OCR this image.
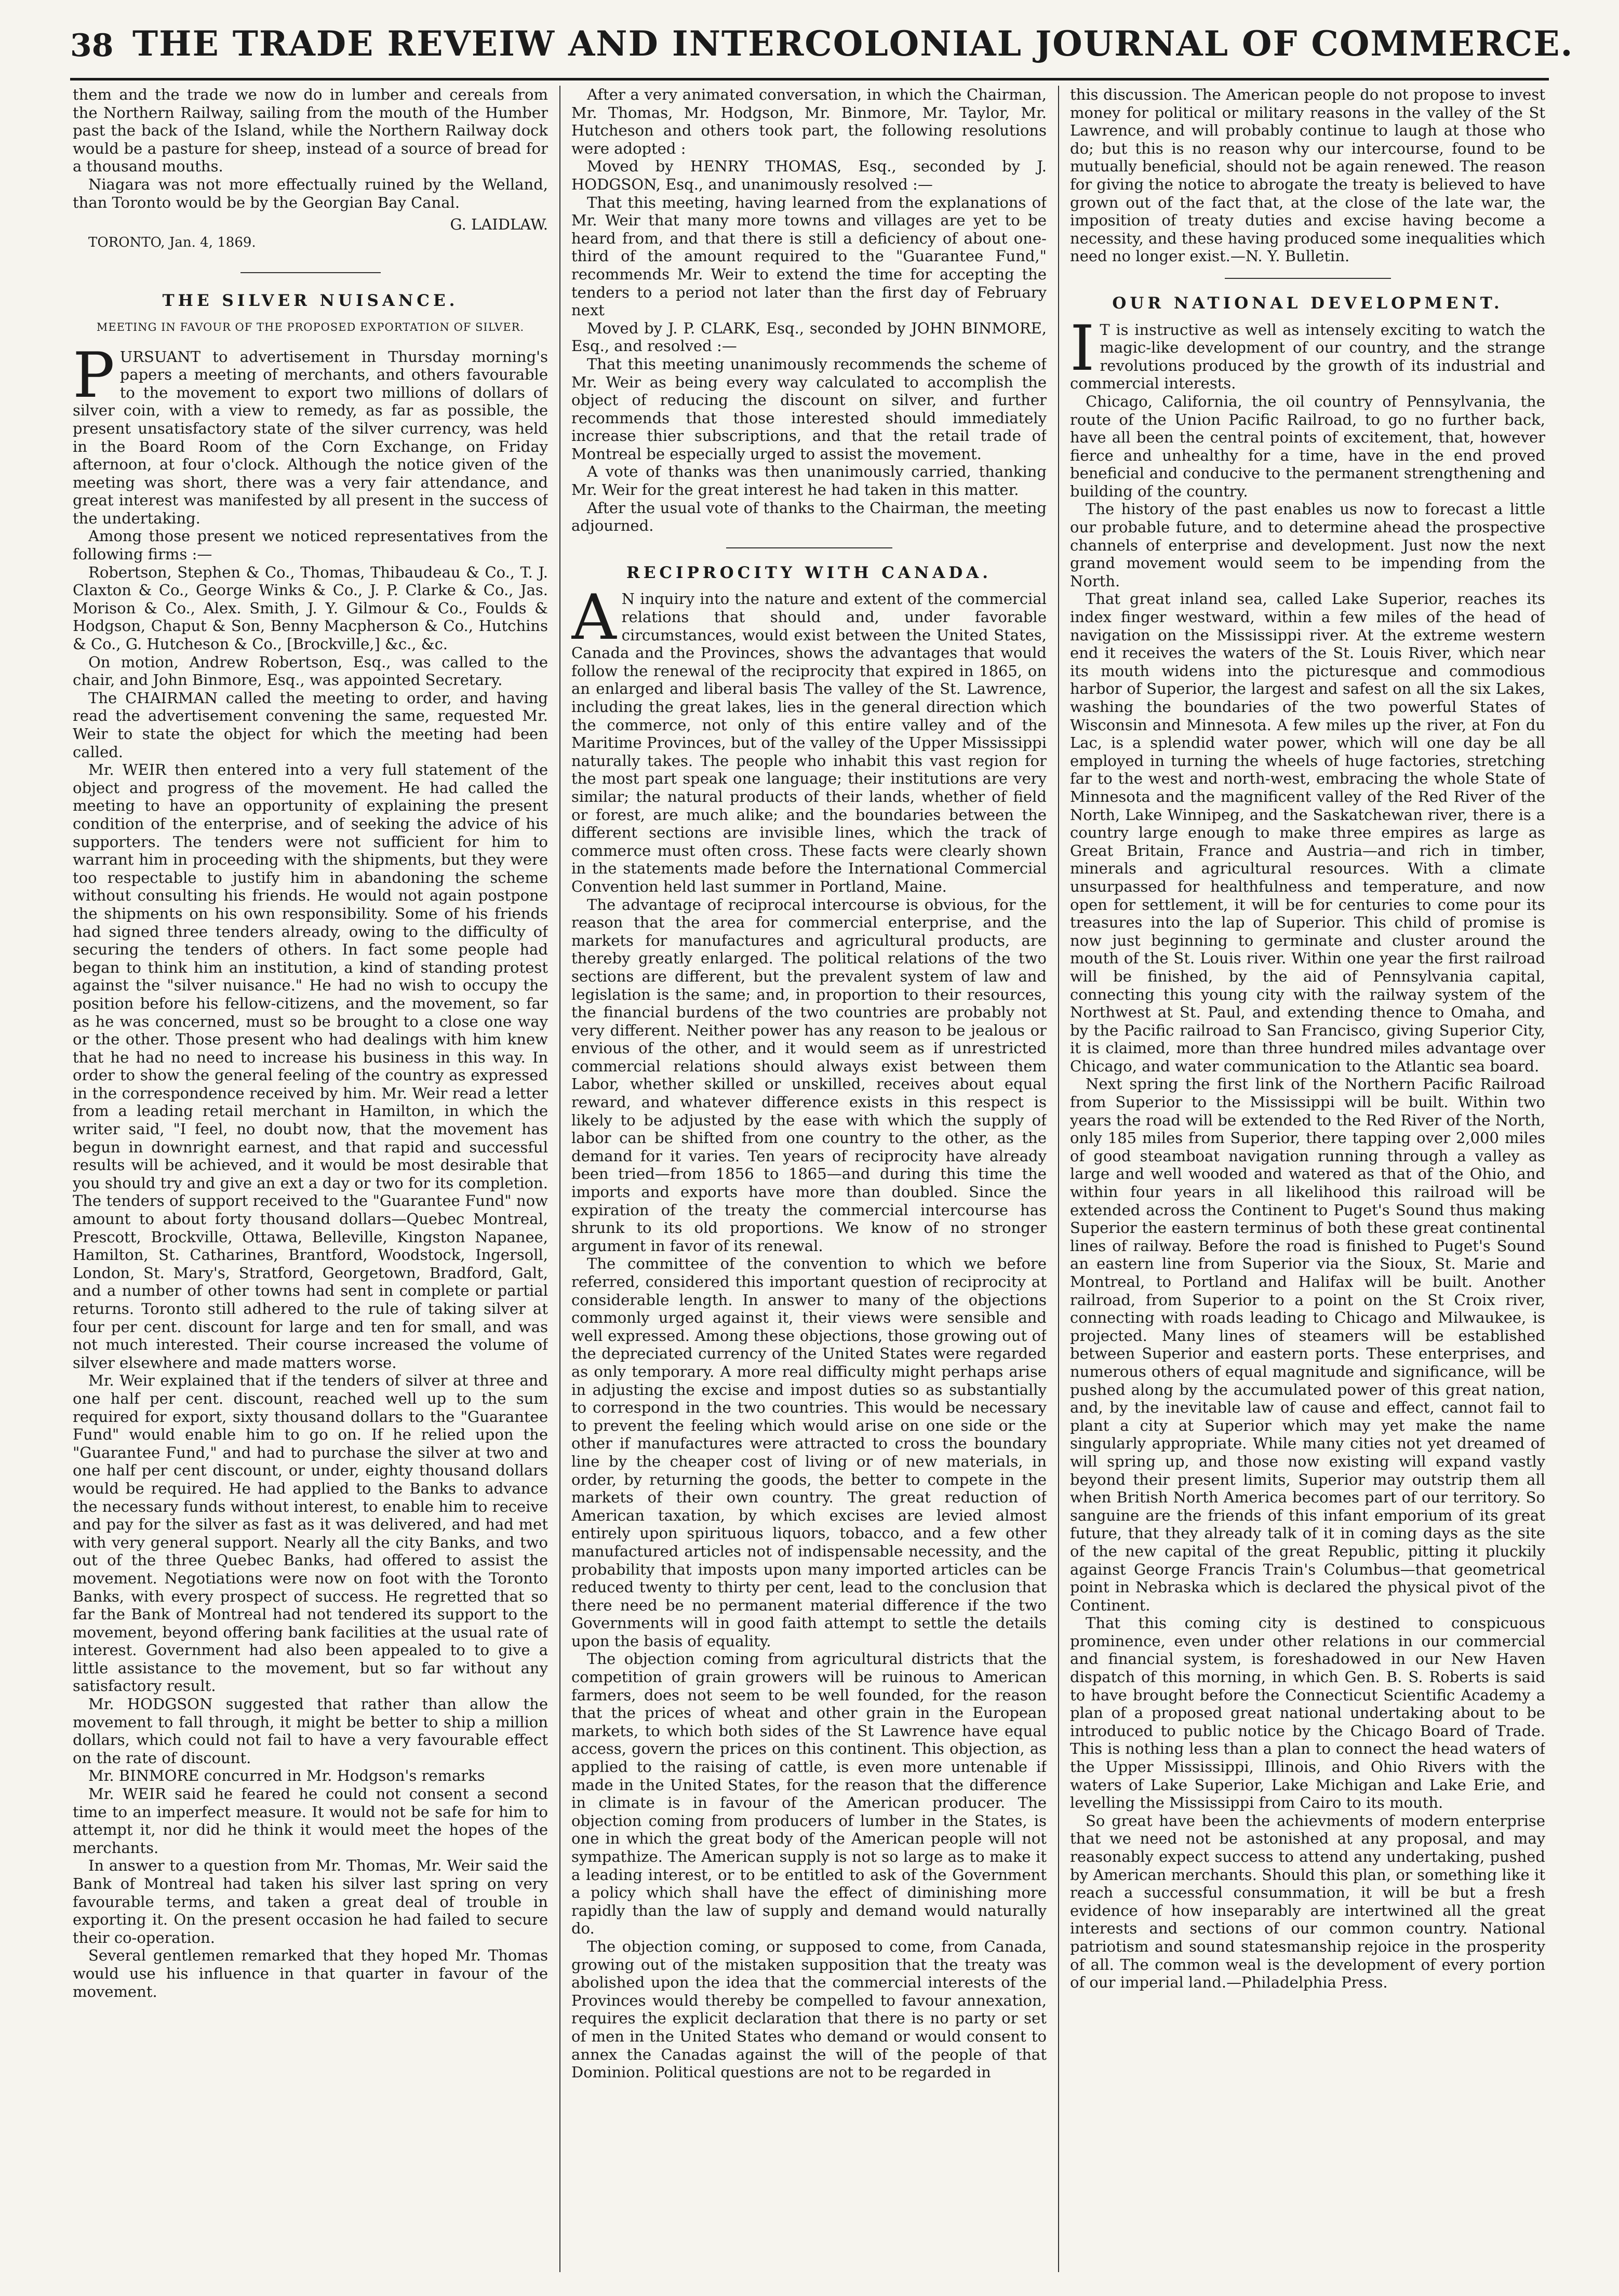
38 THE TRADE REVEIW AND INTERCOLONIAL JOURNAL OF COMMERCE.

them and the trade we now do in lumber and cereals from the Northern Railway, sailing from the mouth of the Humber past the back of the Island, while the Northern Railway dock would be a pasture for sheep, instead of a source of bread for a thousand mouths.

Niagara was not more effectually ruined by the Welland, than Toronto would be by the Georgian Bay Canal.

G. LAIDLAW.

TORONTO, Jan. 4, 1869.

THE SILVER NUISANCE.
MEETING IN FAVOUR OF THE PROPOSED EXPORTATION OF SILVER.

PURSUANT to advertisement in Thursday morning's papers a meeting of merchants, and others favourable to the movement to export two millions of dollars of silver coin, with a view to remedy, as far as possible, the present unsatisfactory state of the silver currency, was held in the Board Room of the Corn Exchange, on Friday afternoon, at four o'clock. Although the notice given of the meeting was short, there was a very fair attendance, and great interest was manifested by all present in the success of the undertaking.

Among those present we noticed representatives from the following firms :—

Robertson, Stephen & Co., Thomas, Thibaudeau & Co., T. J. Claxton & Co., George Winks & Co., J. P. Clarke & Co., Jas. Morison & Co., Alex. Smith, J. Y. Gilmour & Co., Foulds & Hodgson, Chaput & Son, Benny Macpherson & Co., Hutchins & Co., G. Hutcheson & Co., [Brockville,] &c., &c.

On motion, Andrew Robertson, Esq., was called to the chair, and John Binmore, Esq., was appointed Secretary.

The CHAIRMAN called the meeting to order, and having read the advertisement convening the same, requested Mr. Weir to state the object for which the meeting had been called.

Mr. WEIR then entered into a very full statement of the object and progress of the movement. He had called the meeting to have an opportunity of explaining the present condition of the enterprise, and of seeking the advice of his supporters. The tenders were not sufficient for him to warrant him in proceeding with the shipments, but they were too respectable to justify him in abandoning the scheme without consulting his friends. He would not again postpone the shipments on his own responsibility. Some of his friends had signed three tenders already, owing to the difficulty of securing the tenders of others. In fact some people had began to think him an institution, a kind of standing protest against the "silver nuisance." He had no wish to occupy the position before his fellow-citizens, and the movement, so far as he was concerned, must so be brought to a close one way or the other. Those present who had dealings with him knew that he had no need to increase his business in this way. In order to show the general feeling of the country as expressed in the correspondence received by him. Mr. Weir read a letter from a leading retail merchant in Hamilton, in which the writer said, "I feel, no doubt now, that the movement has begun in downright earnest, and that rapid and successful results will be achieved, and it would be most desirable that you should try and give an ext a day or two for its completion. The tenders of support received to the "Guarantee Fund" now amount to about forty thousand dollars—Quebec Montreal, Prescott, Brockville, Ottawa, Belleville, Kingston Napanee, Hamilton, St. Catharines, Brantford, Woodstock, Ingersoll, London, St. Mary's, Stratford, Georgetown, Bradford, Galt, and a number of other towns had sent in complete or partial returns. Toronto still adhered to the rule of taking silver at four per cent. discount for large and ten for small, and was not much interested. Their course increased the volume of silver elsewhere and made matters worse.

Mr. Weir explained that if the tenders of silver at three and one half per cent. discount, reached well up to the sum required for export, sixty thousand dollars to the "Guarantee Fund" would enable him to go on. If he relied upon the "Guarantee Fund," and had to purchase the silver at two and one half per cent discount, or under, eighty thousand dollars would be required. He had applied to the Banks to advance the necessary funds without interest, to enable him to receive and pay for the silver as fast as it was delivered, and had met with very general support. Nearly all the city Banks, and two out of the three Quebec Banks, had offered to assist the movement. Negotiations were now on foot with the Toronto Banks, with every prospect of success. He regretted that so far the Bank of Montreal had not tendered its support to the movement, beyond offering bank facilities at the usual rate of interest. Government had also been appealed to to give a little assistance to the movement, but so far without any satisfactory result.

Mr. HODGSON suggested that rather than allow the movement to fall through, it might be better to ship a million dollars, which could not fail to have a very favourable effect on the rate of discount.

Mr. BINMORE concurred in Mr. Hodgson's remarks

Mr. WEIR said he feared he could not consent a second time to an imperfect measure. It would not be safe for him to attempt it, nor did he think it would meet the hopes of the merchants.

In answer to a question from Mr. Thomas, Mr. Weir said the Bank of Montreal had taken his silver last spring on very favourable terms, and taken a great deal of trouble in exporting it. On the present occasion he had failed to secure their co-operation.

Several gentlemen remarked that they hoped Mr. Thomas would use his influence in that quarter in favour of the movement.

After a very animated conversation, in which the Chairman, Mr. Thomas, Mr. Hodgson, Mr. Binmore, Mr. Taylor, Mr. Hutcheson and others took part, the following resolutions were adopted :

Moved by HENRY THOMAS, Esq., seconded by J. HODGSON, Esq., and unanimously resolved :—

That this meeting, having learned from the explanations of Mr. Weir that many more towns and villages are yet to be heard from, and that there is still a deficiency of about one-third of the amount required to the "Guarantee Fund," recommends Mr. Weir to extend the time for accepting the tenders to a period not later than the first day of February next

Moved by J. P. CLARK, Esq., seconded by JOHN BINMORE, Esq., and resolved :—

That this meeting unanimously recommends the scheme of Mr. Weir as being every way calculated to accomplish the object of reducing the discount on silver, and further recommends that those interested should immediately increase thier subscriptions, and that the retail trade of Montreal be especially urged to assist the movement.

A vote of thanks was then unanimously carried, thanking Mr. Weir for the great interest he had taken in this matter.

After the usual vote of thanks to the Chairman, the meeting adjourned.

RECIPROCITY WITH CANADA.

A N inquiry into the nature and extent of the commercial relations that should and, under favorable circumstances, would exist between the United States, Canada and the Provinces, shows the advantages that would follow the renewal of the reciprocity that expired in 1865, on an enlarged and liberal basis The valley of the St. Lawrence, including the great lakes, lies in the general direction which the commerce, not only of this entire valley and of the Maritime Provinces, but of the valley of the Upper Mississippi naturally takes. The people who inhabit this vast region for the most part speak one language; their institutions are very similar; the natural products of their lands, whether of field or forest, are much alike; and the boundaries between the different sections are invisible lines, which the track of commerce must often cross. These facts were clearly shown in the statements made before the International Commercial Convention held last summer in Portland, Maine.

The advantage of reciprocal intercourse is obvious, for the reason that the area for commercial enterprise, and the markets for manufactures and agricultural products, are thereby greatly enlarged. The political relations of the two sections are different, but the prevalent system of law and legislation is the same; and, in proportion to their resources, the financial burdens of the two countries are probably not very different. Neither power has any reason to be jealous or envious of the other, and it would seem as if unrestricted commercial relations should always exist between them Labor, whether skilled or unskilled, receives about equal reward, and whatever difference exists in this respect is likely to be adjusted by the ease with which the supply of labor can be shifted from one country to the other, as the demand for it varies. Ten years of reciprocity have already been tried—from 1856 to 1865—and during this time the imports and exports have more than doubled. Since the expiration of the treaty the commercial intercourse has shrunk to its old proportions. We know of no stronger argument in favor of its renewal.

The committee of the convention to which we before referred, considered this important question of reciprocity at considerable length. In answer to many of the objections commonly urged against it, their views were sensible and well expressed. Among these objections, those growing out of the depreciated currency of the United States were regarded as only temporary. A more real difficulty might perhaps arise in adjusting the excise and impost duties so as substantially to correspond in the two countries. This would be necessary to prevent the feeling which would arise on one side or the other if manufactures were attracted to cross the boundary line by the cheaper cost of living or of new materials, in order, by returning the goods, the better to compete in the markets of their own country. The great reduction of American taxation, by which excises are levied almost entirely upon spirituous liquors, tobacco, and a few other manufactured articles not of indispensable necessity, and the probability that imposts upon many imported articles can be reduced twenty to thirty per cent, lead to the conclusion that there need be no permanent material difference if the two Governments will in good faith attempt to settle the details upon the basis of equality.

The objection coming from agricultural districts that the competition of grain growers will be ruinous to American farmers, does not seem to be well founded, for the reason that the prices of wheat and other grain in the European markets, to which both sides of the St Lawrence have equal access, govern the prices on this continent. This objection, as applied to the raising of cattle, is even more untenable if made in the United States, for the reason that the difference in climate is in favour of the American producer. The objection coming from producers of lumber in the States, is one in which the great body of the American people will not sympathize. The American supply is not so large as to make it a leading interest, or to be entitled to ask of the Government a policy which shall have the effect of diminishing more rapidly than the law of supply and demand would naturally do.

The objection coming, or supposed to come, from Canada, growing out of the mistaken supposition that the treaty was abolished upon the idea that the commercial interests of the Provinces would thereby be compelled to favour annexation, requires the explicit declaration that there is no party or set of men in the United States who demand or would consent to annex the Canadas against the will of the people of that Dominion. Political questions are not to be regarded in

this discussion. The American people do not propose to invest money for political or military reasons in the valley of the St Lawrence, and will probably continue to laugh at those who do; but this is no reason why our intercourse, found to be mutually beneficial, should not be again renewed. The reason for giving the notice to abrogate the treaty is believed to have grown out of the fact that, at the close of the late war, the imposition of treaty duties and excise having become a necessity, and these having produced some inequalities which need no longer exist.—N. Y. Bulletin.

OUR NATIONAL DEVELOPMENT.

I T is instructive as well as intensely exciting to watch the magic-like development of our country, and the strange revolutions produced by the growth of its industrial and commercial interests.

Chicago, California, the oil country of Pennsylvania, the route of the Union Pacific Railroad, to go no further back, have all been the central points of excitement, that, however fierce and unhealthy for a time, have in the end proved beneficial and conducive to the permanent strengthening and building of the country.

The history of the past enables us now to forecast a little our probable future, and to determine ahead the prospective channels of enterprise and development. Just now the next grand movement would seem to be impending from the North.

That great inland sea, called Lake Superior, reaches its index finger westward, within a few miles of the head of navigation on the Mississippi river. At the extreme western end it receives the waters of the St. Louis River, which near its mouth widens into the picturesque and commodious harbor of Superior, the largest and safest on all the six Lakes, washing the boundaries of the two powerful States of Wisconsin and Minnesota. A few miles up the river, at Fon du Lac, is a splendid water power, which will one day be all employed in turning the wheels of huge factories, stretching far to the west and north-west, embracing the whole State of Minnesota and the magnificent valley of the Red River of the North, Lake Winnipeg, and the Saskatchewan river, there is a country large enough to make three empires as large as Great Britain, France and Austria—and rich in timber, minerals and agricultural resources. With a climate unsurpassed for healthfulness and temperature, and now open for settlement, it will be for centuries to come pour its treasures into the lap of Superior. This child of promise is now just beginning to germinate and cluster around the mouth of the St. Louis river. Within one year the first railroad will be finished, by the aid of Pennsylvania capital, connecting this young city with the railway system of the Northwest at St. Paul, and extending thence to Omaha, and by the Pacific railroad to San Francisco, giving Superior City, it is claimed, more than three hundred miles advantage over Chicago, and water communication to the Atlantic sea board.

Next spring the first link of the Northern Pacific Railroad from Superior to the Mississippi will be built. Within two years the road will be extended to the Red River of the North, only 185 miles from Superior, there tapping over 2,000 miles of good steamboat navigation running through a valley as large and well wooded and watered as that of the Ohio, and within four years in all likelihood this railroad will be extended across the Continent to Puget's Sound thus making Superior the eastern terminus of both these great continental lines of railway. Before the road is finished to Puget's Sound an eastern line from Superior via the Sioux, St. Marie and Montreal, to Portland and Halifax will be built. Another railroad, from Superior to a point on the St Croix river, connecting with roads leading to Chicago and Milwaukee, is projected. Many lines of steamers will be established between Superior and eastern ports. These enterprises, and numerous others of equal magnitude and significance, will be pushed along by the accumulated power of this great nation, and, by the inevitable law of cause and effect, cannot fail to plant a city at Superior which may yet make the name singularly appropriate. While many cities not yet dreamed of will spring up, and those now existing will expand vastly beyond their present limits, Superior may outstrip them all when British North America becomes part of our territory. So sanguine are the friends of this infant emporium of its great future, that they already talk of it in coming days as the site of the new capital of the great Republic, pitting it pluckily against George Francis Train's Columbus—that geometrical point in Nebraska which is declared the physical pivot of the Continent.

That this coming city is destined to conspicuous prominence, even under other relations in our commercial and financial system, is foreshadowed in our New Haven dispatch of this morning, in which Gen. B. S. Roberts is said to have brought before the Connecticut Scientific Academy a plan of a proposed great national undertaking about to be introduced to public notice by the Chicago Board of Trade. This is nothing less than a plan to connect the head waters of the Upper Mississippi, Illinois, and Ohio Rivers with the waters of Lake Superior, Lake Michigan and Lake Erie, and levelling the Mississippi from Cairo to its mouth.

So great have been the achievments of modern enterprise that we need not be astonished at any proposal, and may reasonably expect success to attend any undertaking, pushed by American merchants. Should this plan, or something like it reach a successful consummation, it will be but a fresh evidence of how inseparably are intertwined all the great interests and sections of our common country. National patriotism and sound statesmanship rejoice in the prosperity of all. The common weal is the development of every portion of our imperial land.—Philadelphia Press.
